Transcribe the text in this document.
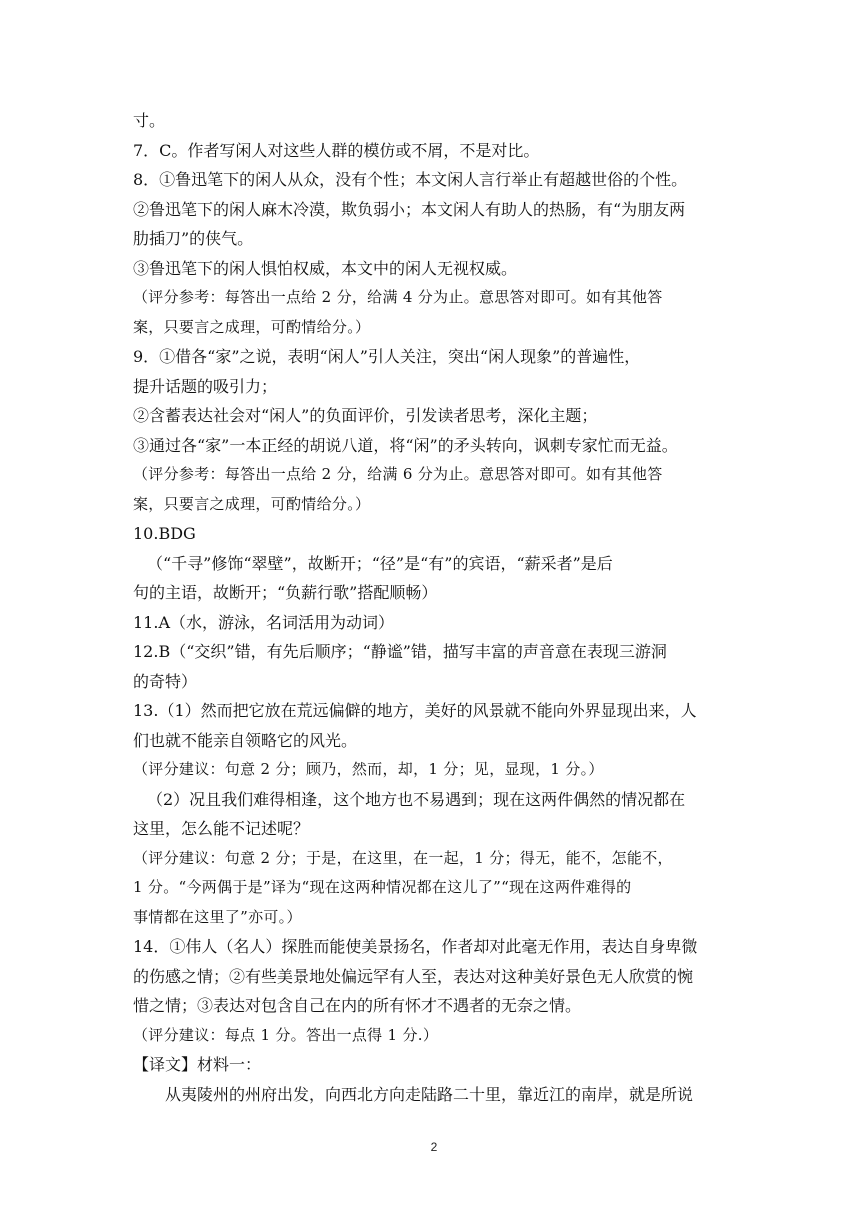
寸。
7．C。作者写闲人对这些人群的模仿或不屑，不是对比。
8．①鲁迅笔下的闲人从众，没有个性；本文闲人言行举止有超越世俗的个性。
②鲁迅笔下的闲人麻木冷漠，欺负弱小；本文闲人有助人的热肠，有“为朋友两
肋插刀”的侠气。
③鲁迅笔下的闲人惧怕权威，本文中的闲人无视权威。
（评分参考：每答出一点给 2 分，给满 4 分为止。意思答对即可。如有其他答
案，只要言之成理，可酌情给分。）
9．①借各“家”之说，表明“闲人”引人关注，突出“闲人现象”的普遍性，
提升话题的吸引力；
②含蓄表达社会对“闲人”的负面评价，引发读者思考，深化主题；
③通过各“家”一本正经的胡说八道，将“闲”的矛头转向，讽刺专家忙而无益。
（评分参考：每答出一点给 2 分，给满 6 分为止。意思答对即可。如有其他答
案，只要言之成理，可酌情给分。）
10.BDG
（“千寻”修饰“翠壁”，故断开；“径”是“有”的宾语，“薪采者”是后
句的主语，故断开；“负薪行歌”搭配顺畅）
11.A（水，游泳，名词活用为动词）
12.B（“交织”错，有先后顺序；“静谧”错，描写丰富的声音意在表现三游洞
的奇特）
13.（1）然而把它放在荒远偏僻的地方，美好的风景就不能向外界显现出来，人
们也就不能亲自领略它的风光。
（评分建议：句意 2 分；顾乃，然而，却，1 分；见，显现，1 分。）
（2）况且我们难得相逢，这个地方也不易遇到；现在这两件偶然的情况都在
这里，怎么能不记述呢？
（评分建议：句意 2 分；于是，在这里，在一起，1 分；得无，能不，怎能不，
1 分。“今两偶于是”译为“现在这两种情况都在这儿了”“现在这两件难得的
事情都在这里了”亦可。）
14．①伟人（名人）探胜而能使美景扬名，作者却对此毫无作用，表达自身卑微
的伤感之情；②有些美景地处偏远罕有人至，表达对这种美好景色无人欣赏的惋
惜之情；③表达对包含自己在内的所有怀才不遇者的无奈之情。
（评分建议：每点 1 分。答出一点得 1 分.）
【译文】材料一：
从夷陵州的州府出发，向西北方向走陆路二十里，靠近江的南岸，就是所说
2
